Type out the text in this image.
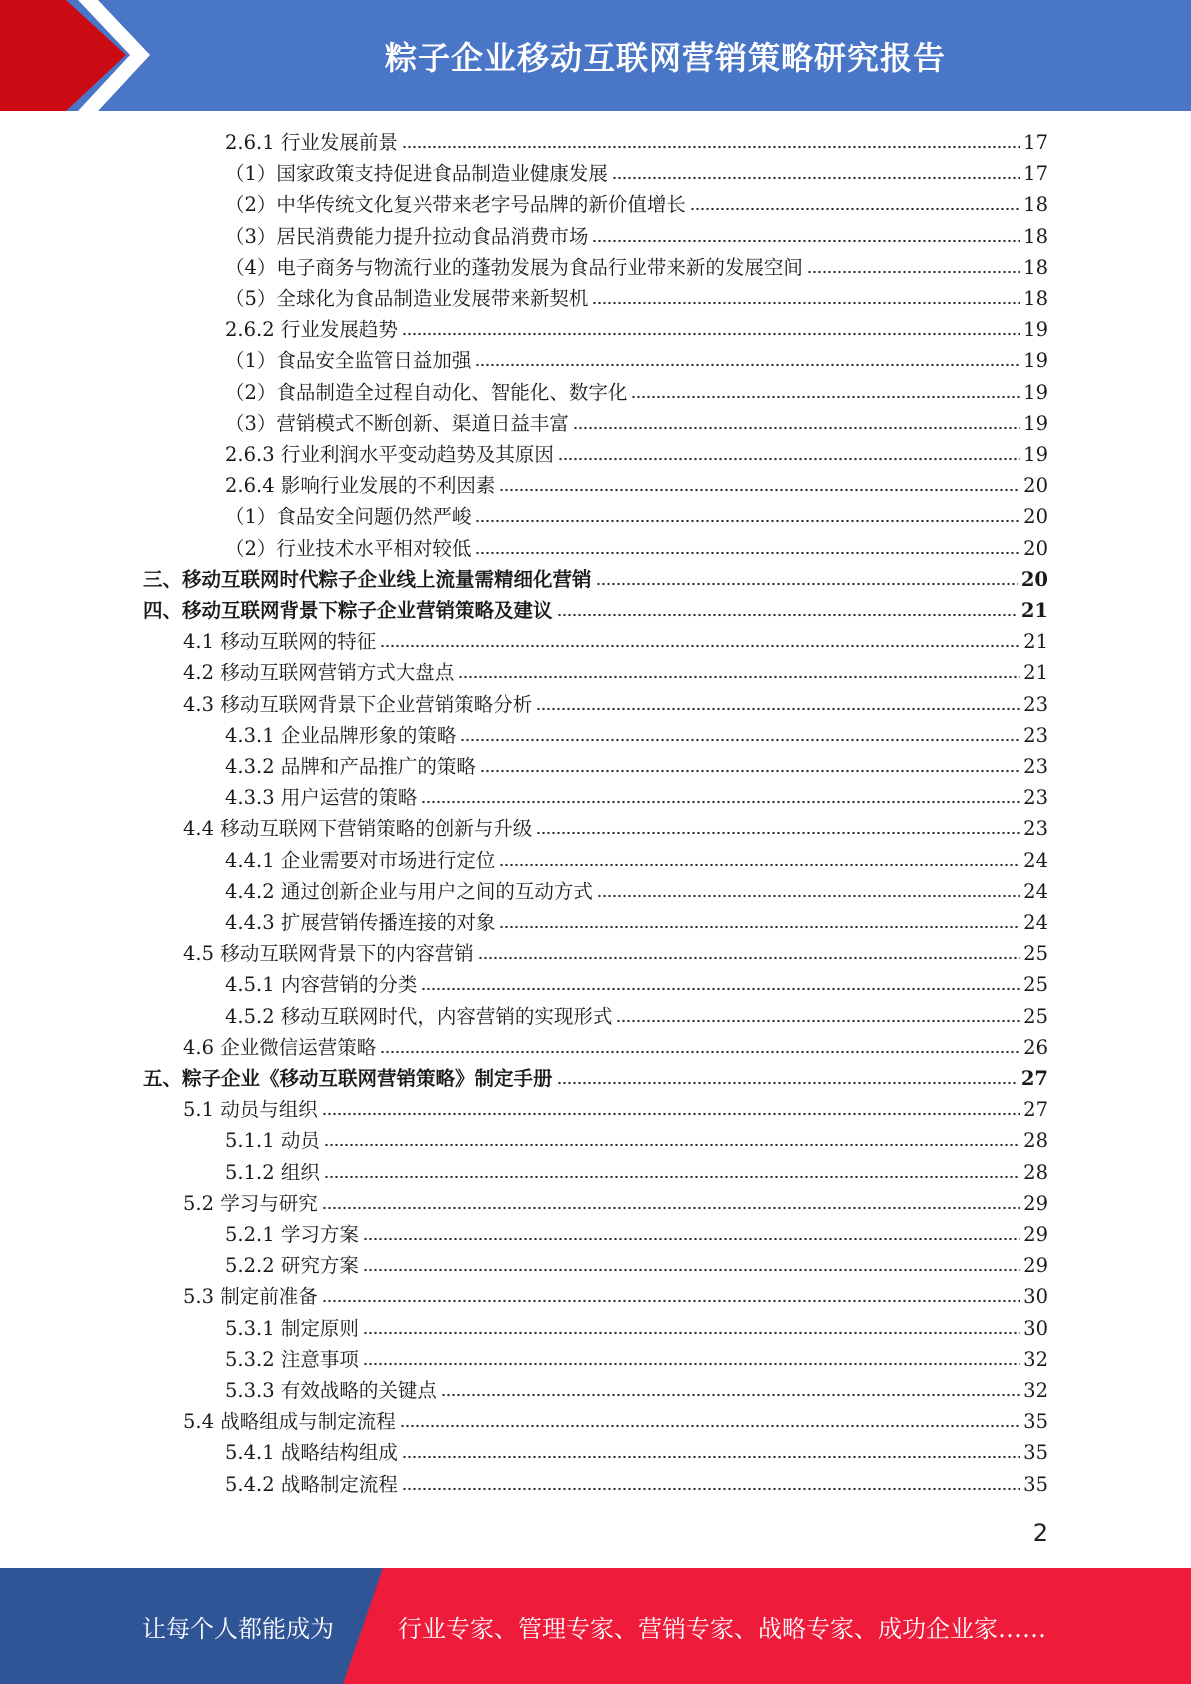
粽子企业移动互联网营销策略研究报告
2.6.1 行业发展前景	17
（1）国家政策支持促进食品制造业健康发展	17
（2）中华传统文化复兴带来老字号品牌的新价值增长	18
（3）居民消费能力提升拉动食品消费市场	18
（4）电子商务与物流行业的蓬勃发展为食品行业带来新的发展空间	18
（5）全球化为食品制造业发展带来新契机	18
2.6.2 行业发展趋势	19
（1）食品安全监管日益加强	19
（2）食品制造全过程自动化、智能化、数字化	19
（3）营销模式不断创新、渠道日益丰富	19
2.6.3 行业利润水平变动趋势及其原因	19
2.6.4 影响行业发展的不利因素	20
（1）食品安全问题仍然严峻	20
（2）行业技术水平相对较低	20
三、移动互联网时代粽子企业线上流量需精细化营销	20
四、移动互联网背景下粽子企业营销策略及建议	21
4.1 移动互联网的特征	21
4.2 移动互联网营销方式大盘点	21
4.3 移动互联网背景下企业营销策略分析	23
4.3.1 企业品牌形象的策略	23
4.3.2 品牌和产品推广的策略	23
4.3.3 用户运营的策略	23
4.4 移动互联网下营销策略的创新与升级	23
4.4.1 企业需要对市场进行定位	24
4.4.2 通过创新企业与用户之间的互动方式	24
4.4.3 扩展营销传播连接的对象	24
4.5 移动互联网背景下的内容营销	25
4.5.1 内容营销的分类	25
4.5.2 移动互联网时代，内容营销的实现形式	25
4.6 企业微信运营策略	26
五、粽子企业《移动互联网营销策略》制定手册	27
5.1 动员与组织	27
5.1.1 动员	28
5.1.2 组织	28
5.2 学习与研究	29
5.2.1 学习方案	29
5.2.2 研究方案	29
5.3 制定前准备	30
5.3.1 制定原则	30
5.3.2 注意事项	32
5.3.3 有效战略的关键点	32
5.4 战略组成与制定流程	35
5.4.1 战略结构组成	35
5.4.2 战略制定流程	35
2
让每个人都能成为	行业专家、管理专家、营销专家、战略专家、成功企业家……
